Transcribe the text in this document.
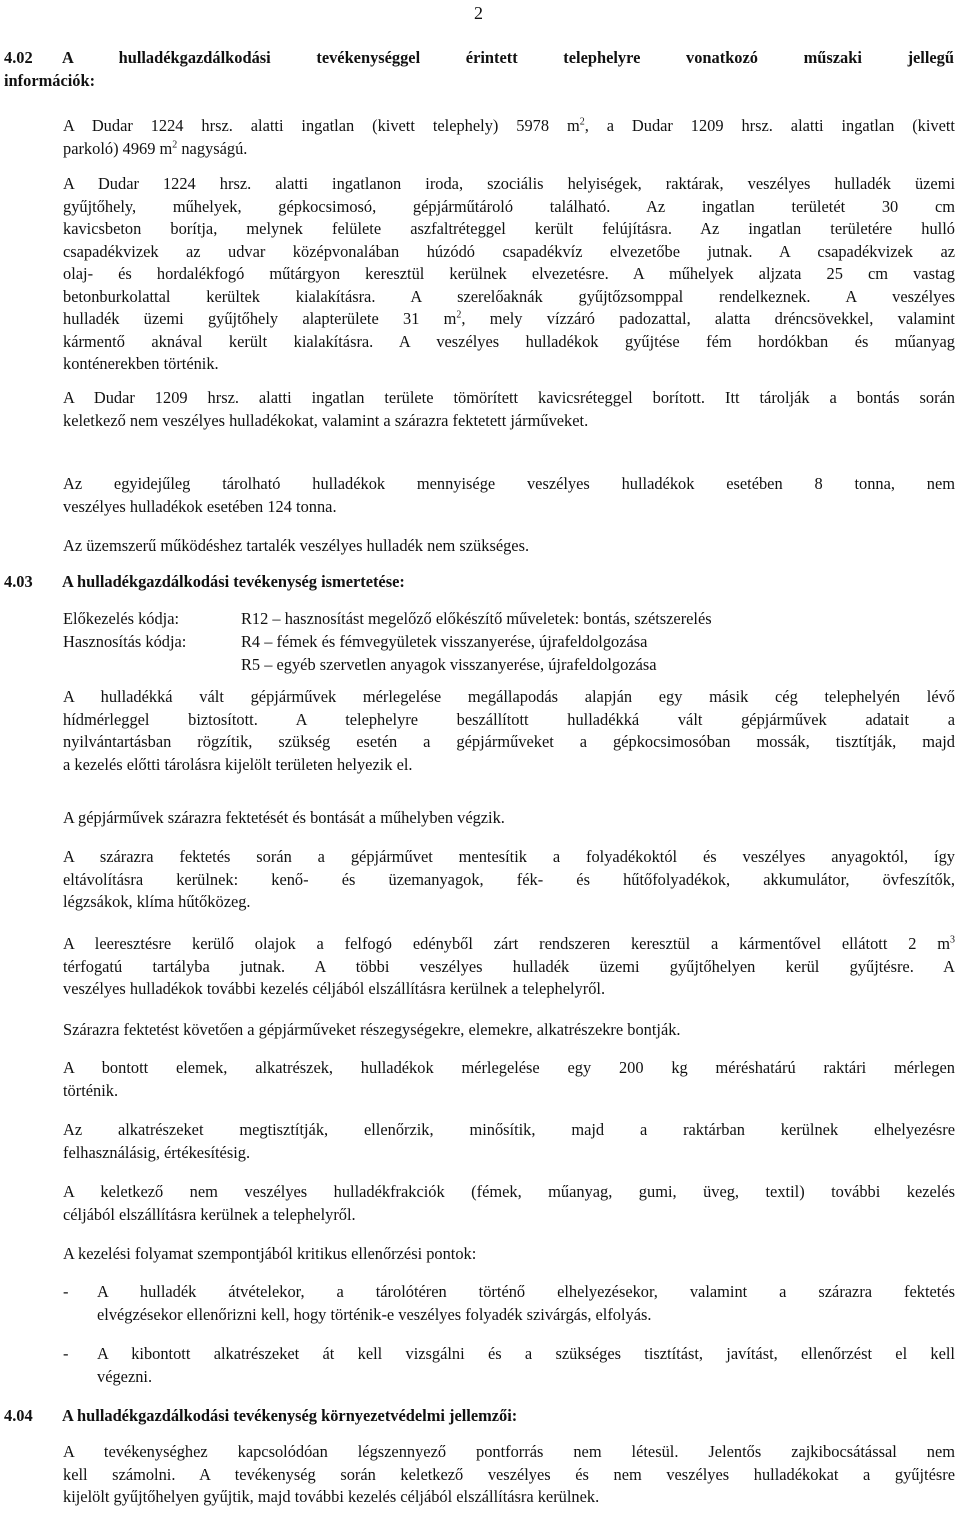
2
4.02 A hulladékgazdálkodási tevékenységgel érintett telephelyre vonatkozó műszaki jellegű
információk:
A Dudar 1224 hrsz. alatti ingatlan (kivett telephely) 5978 $m^2$, a Dudar 1209 hrsz. alatti ingatlan (kivett
parkoló) 4969 $m^2$ nagyságú.
A Dudar 1224 hrsz. alatti ingatlanon iroda, szociális helyiségek, raktárak, veszélyes hulladék üzemi
gyűjtőhely, műhelyek, gépkocsimosó, gépjárműtároló található. Az ingatlan területét 30 cm
kavicsbeton borítja, melynek felülete aszfaltréteggel került felújításra. Az ingatlan területére hulló
csapadékvizek az udvar középvonalában húzódó csapadékvíz elvezetőbe jutnak. A csapadékvizek az
olaj- és hordalékfogó műtárgyon keresztül kerülnek elvezetésre. A műhelyek aljzata 25 cm vastag
betonburkolattal kerültek kialakításra. A szerelőaknák gyűjtőzsomppal rendelkeznek. A veszélyes
hulladék üzemi gyűjtőhely alapterülete 31 $m^2$, mely vízzáró padozattal, alatta dréncsövekkel, valamint
kármentő aknával került kialakításra. A veszélyes hulladékok gyűjtése fém hordókban és műanyag
konténerekben történik.
A Dudar 1209 hrsz. alatti ingatlan területe tömörített kavicsréteggel borított. Itt tárolják a bontás során
keletkező nem veszélyes hulladékokat, valamint a szárazra fektetett járműveket.
Az egyidejűleg tárolható hulladékok mennyisége veszélyes hulladékok esetében 8 tonna, nem
veszélyes hulladékok esetében 124 tonna.
Az üzemszerű működéshez tartalék veszélyes hulladék nem szükséges.
4.03 A hulladékgazdálkodási tevékenység ismertetése:
Előkezelés kódja:	R12 – hasznosítást megelőző előkészítő műveletek: bontás, szétszerelés
Hasznosítás kódja:	R4 – fémek és fémvegyületek visszanyerése, újrafeldolgozása
R5 – egyéb szervetlen anyagok visszanyerése, újrafeldolgozása
A hulladékká vált gépjárművek mérlegelése megállapodás alapján egy másik cég telephelyén lévő
hídmérleggel biztosított. A telephelyre beszállított hulladékká vált gépjárművek adatait a
nyilvántartásban rögzítik, szükség esetén a gépjárműveket a gépkocsimosóban mossák, tisztítják, majd
a kezelés előtti tárolásra kijelölt területen helyezik el.
A gépjárművek szárazra fektetését és bontását a műhelyben végzik.
A szárazra fektetés során a gépjárművet mentesítik a folyadékoktól és veszélyes anyagoktól, így
eltávolításra kerülnek: kenő- és üzemanyagok, fék- és hűtőfolyadékok, akkumulátor, övfeszítők,
légzsákok, klíma hűtőközeg.
A leeresztésre kerülő olajok a felfogó edényből zárt rendszeren keresztül a kármentővel ellátott 2 $m^3$
térfogatú tartályba jutnak. A többi veszélyes hulladék üzemi gyűjtőhelyen kerül gyűjtésre. A
veszélyes hulladékok további kezelés céljából elszállításra kerülnek a telephelyről.
Szárazra fektetést követően a gépjárműveket részegységekre, elemekre, alkatrészekre bontják.
A bontott elemek, alkatrészek, hulladékok mérlegelése egy 200 kg méréshatárú raktári mérlegen
történik.
Az alkatrészeket megtisztítják, ellenőrzik, minősítik, majd a raktárban kerülnek elhelyezésre
felhasználásig, értékesítésig.
A keletkező nem veszélyes hulladékfrakciók (fémek, műanyag, gumi, üveg, textil) további kezelés
céljából elszállításra kerülnek a telephelyről.
A kezelési folyamat szempontjából kritikus ellenőrzési pontok:
- A hulladék átvételekor, a tárolótéren történő elhelyezésekor, valamint a szárazra fektetés
elvégzésekor ellenőrizni kell, hogy történik-e veszélyes folyadék szivárgás, elfolyás.
- A kibontott alkatrészeket át kell vizsgálni és a szükséges tisztítást, javítást, ellenőrzést el kell
végezni.
4.04 A hulladékgazdálkodási tevékenység környezetvédelmi jellemzői:
A tevékenységhez kapcsolódóan légszennyező pontforrás nem létesül. Jelentős zajkibocsátással nem
kell számolni. A tevékenység során keletkező veszélyes és nem veszélyes hulladékokat a gyűjtésre
kijelölt gyűjtőhelyen gyűjtik, majd további kezelés céljából elszállításra kerülnek.
